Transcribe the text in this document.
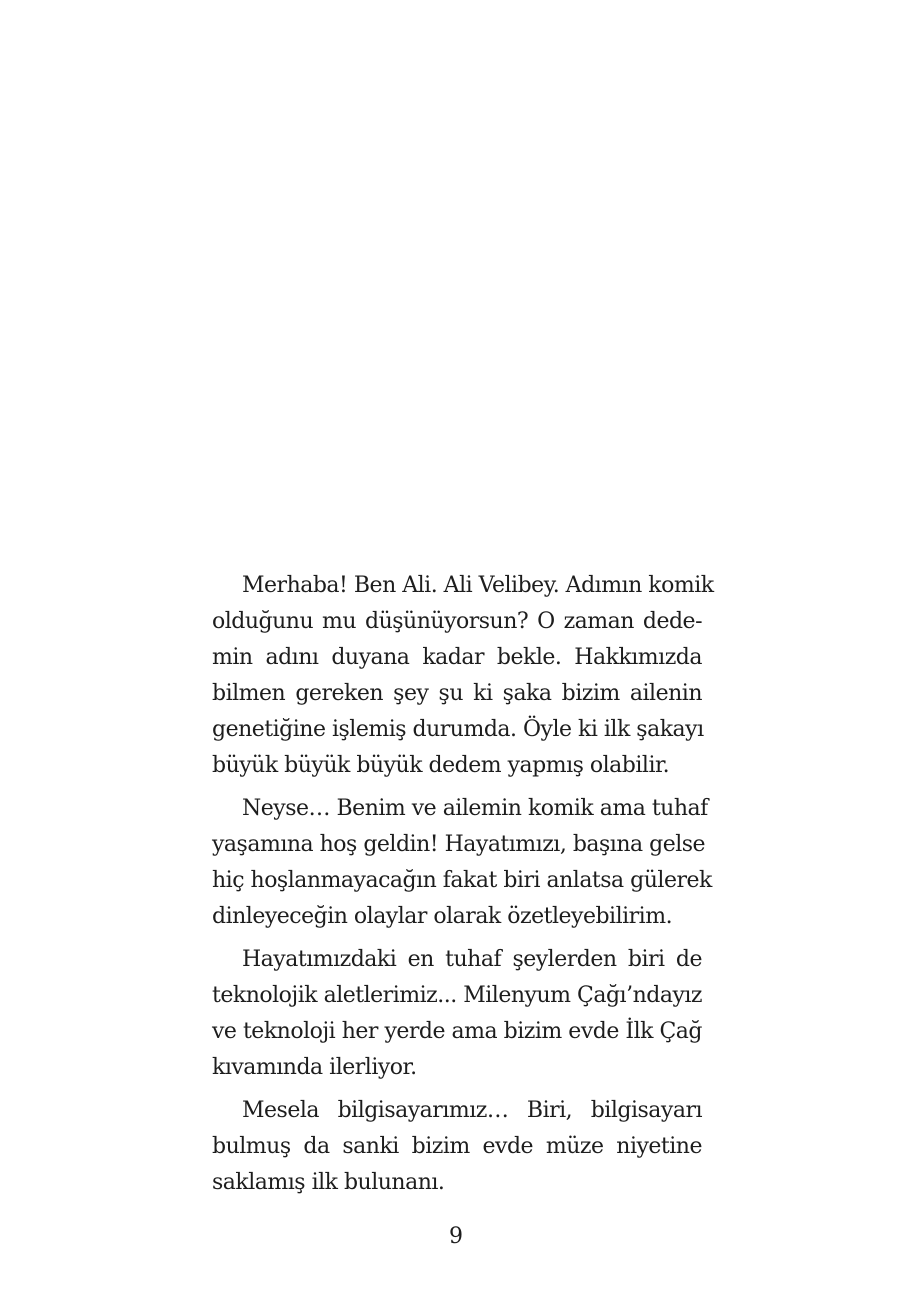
Merhaba! Ben Ali. Ali Velibey. Adımın komik
olduğunu mu düşünüyorsun? O zaman dede-
min adını duyana kadar bekle. Hakkımızda
bilmen gereken şey şu ki şaka bizim ailenin
genetiğine işlemiş durumda. Öyle ki ilk şakayı
büyük büyük büyük dedem yapmış olabilir.
Neyse… Benim ve ailemin komik ama tuhaf
yaşamına hoş geldin! Hayatımızı, başına gelse
hiç hoşlanmayacağın fakat biri anlatsa gülerek
dinleyeceğin olaylar olarak özetleyebilirim.
Hayatımızdaki en tuhaf şeylerden biri de
teknolojik aletlerimiz... Milenyum Çağı’ndayız
ve teknoloji her yerde ama bizim evde İlk Çağ
kıvamında ilerliyor.
Mesela bilgisayarımız… Biri, bilgisayarı
bulmuş da sanki bizim evde müze niyetine
saklamış ilk bulunanı.
9
